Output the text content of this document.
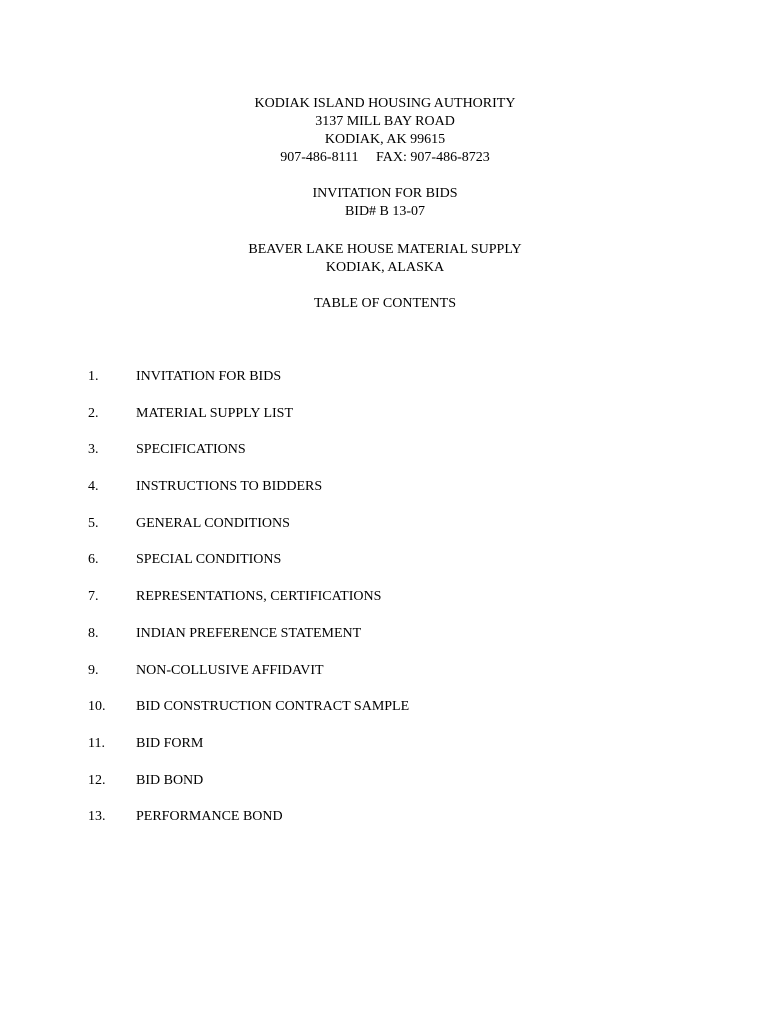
KODIAK ISLAND HOUSING AUTHORITY
3137 MILL BAY ROAD
KODIAK, AK 99615
907-486-8111     FAX: 907-486-8723
INVITATION FOR BIDS
BID# B 13-07
BEAVER LAKE HOUSE MATERIAL SUPPLY
KODIAK, ALASKA
TABLE OF CONTENTS
1.	INVITATION FOR BIDS
2.	MATERIAL SUPPLY LIST
3.	SPECIFICATIONS
4.	INSTRUCTIONS TO BIDDERS
5.	GENERAL CONDITIONS
6.	SPECIAL CONDITIONS
7.	REPRESENTATIONS, CERTIFICATIONS
8.	INDIAN PREFERENCE STATEMENT
9.	NON-COLLUSIVE AFFIDAVIT
10.	BID CONSTRUCTION CONTRACT SAMPLE
11.	BID FORM
12.	BID BOND
13.	PERFORMANCE BOND
